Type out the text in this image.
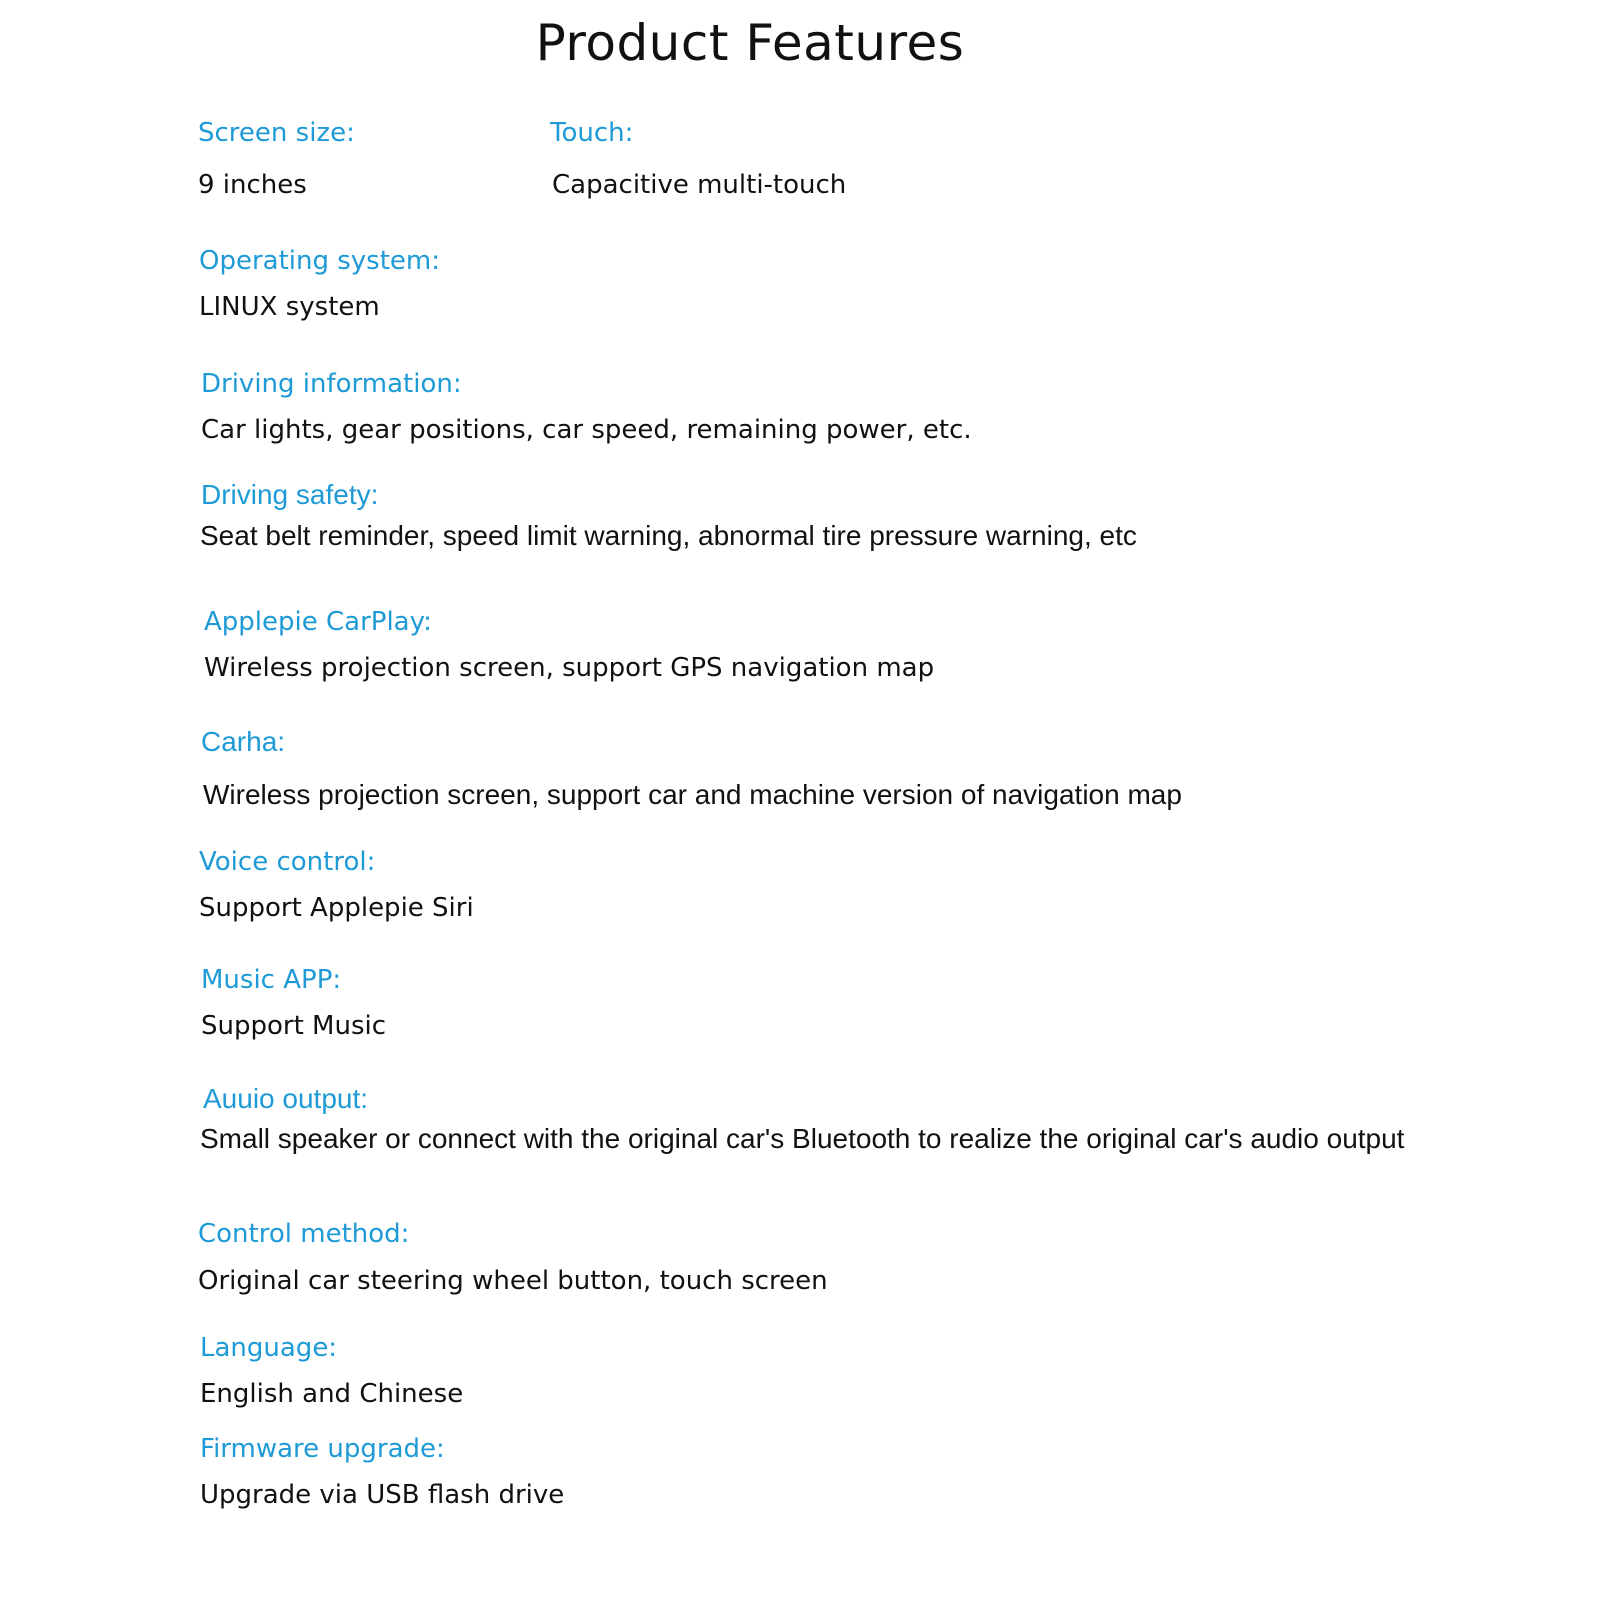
Product Features
Screen size:
9 inches
Touch:
Capacitive multi-touch
Operating system:
LINUX system
Driving information:
Car lights, gear positions, car speed, remaining power, etc.
Driving safety:
Seat belt reminder, speed limit warning, abnormal tire pressure warning, etc
Applepie CarPlay:
Wireless projection screen, support GPS navigation map
Carha:
Wireless projection screen, support car and machine version of navigation map
Voice control:
Support Applepie Siri
Music APP:
Support Music
Auuio output:
Small speaker or connect with the original car's Bluetooth to realize the original car's audio output
Control method:
Original car steering wheel button, touch screen
Language:
English and Chinese
Firmware upgrade:
Upgrade via USB flash drive
